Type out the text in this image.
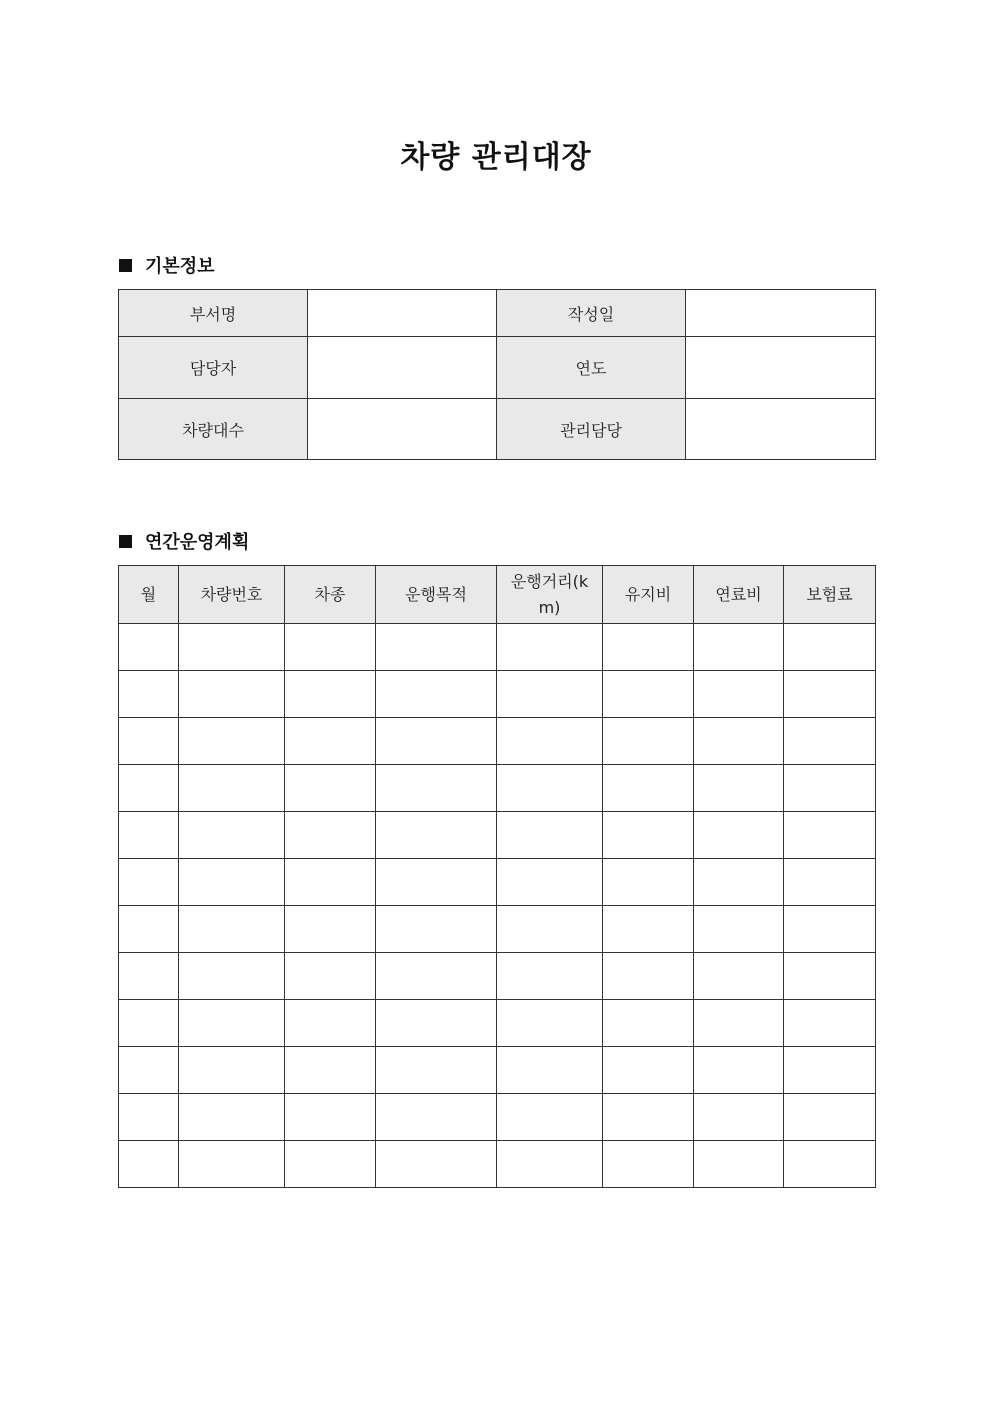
차량 관리대장
기본정보
부서명		작성일	
담당자		연도	
차량대수		관리담당	
연간운영계획
월	차량번호	차종	운행목적	운행거리(km)	유지비	연료비	보험료
